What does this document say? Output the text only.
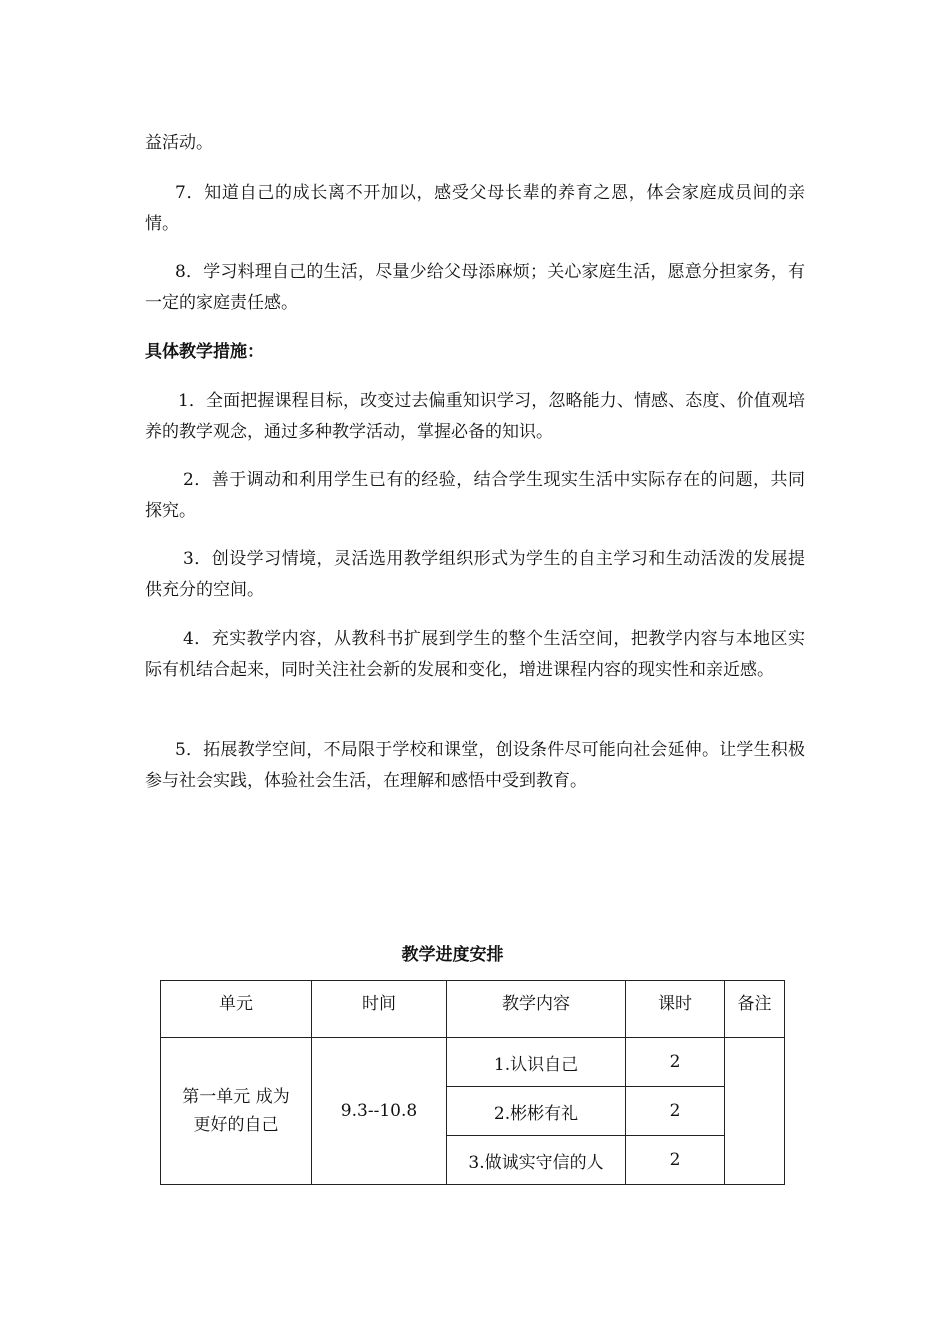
益活动。

7．知道自己的成长离不开加以，感受父母长辈的养育之恩，体会家庭成员间的亲情。

8．学习料理自己的生活，尽量少给父母添麻烦；关心家庭生活，愿意分担家务，有一定的家庭责任感。

具体教学措施：

1．全面把握课程目标，改变过去偏重知识学习，忽略能力、情感、态度、价值观培养的教学观念，通过多种教学活动，掌握必备的知识。

2．善于调动和利用学生已有的经验，结合学生现实生活中实际存在的问题，共同探究。

3．创设学习情境，灵活选用教学组织形式为学生的自主学习和生动活泼的发展提供充分的空间。

4．充实教学内容，从教科书扩展到学生的整个生活空间，把教学内容与本地区实际有机结合起来，同时关注社会新的发展和变化，增进课程内容的现实性和亲近感。

5．拓展教学空间，不局限于学校和课堂，创设条件尽可能向社会延伸。让学生积极参与社会实践，体验社会生活，在理解和感悟中受到教育。

教学进度安排
单元	时间	教学内容	课时	备注

第一单元 成为
更好的自己	9.3--10.8	1.认识自己	2	
		2.彬彬有礼	2	
		3.做诚实守信的人	2	
